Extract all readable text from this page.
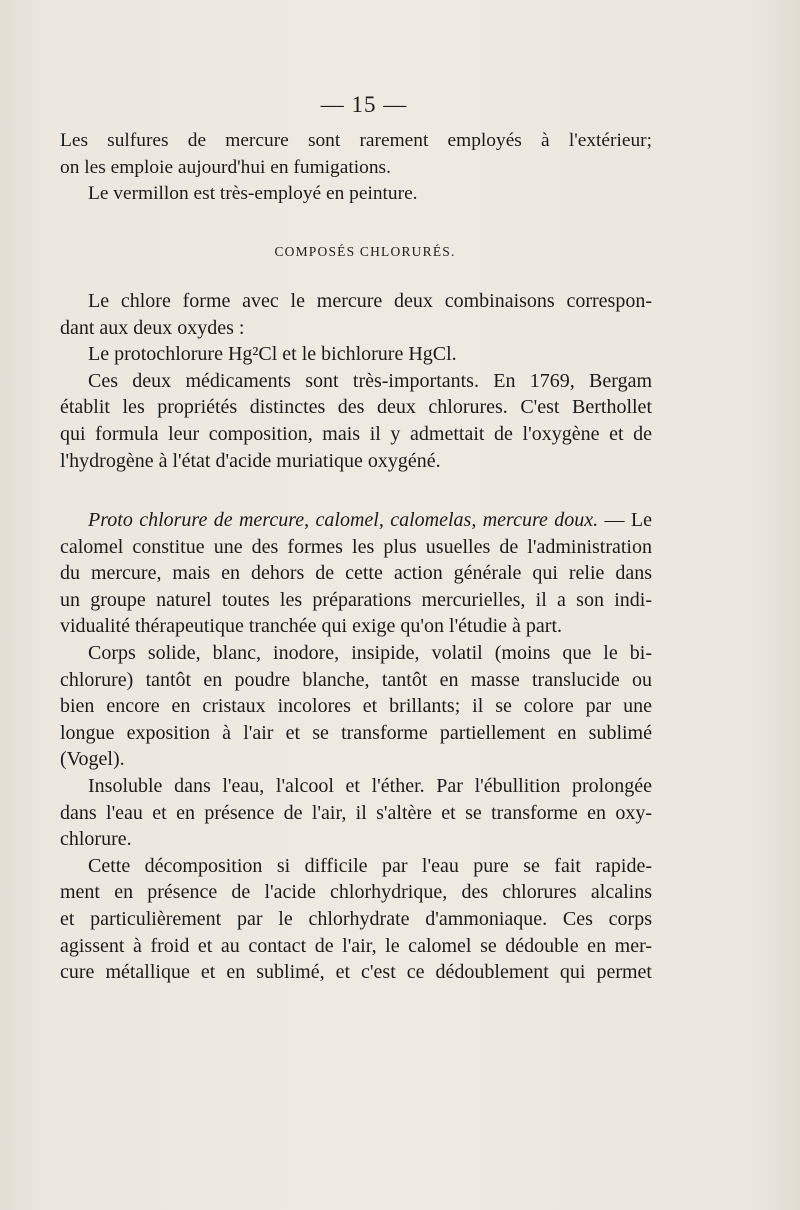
— 15 —
Les sulfures de mercure sont rarement employés à l'extérieur;
on les emploie aujourd'hui en fumigations.
Le vermillon est très-employé en peinture.
COMPOSÉS CHLORURÉS.
Le chlore forme avec le mercure deux combinaisons correspon-
dant aux deux oxydes :
Le protochlorure Hg²Cl et le bichlorure HgCl.
Ces deux médicaments sont très-importants. En 1769, Bergam
établit les propriétés distinctes des deux chlorures. C'est Berthollet
qui formula leur composition, mais il y admettait de l'oxygène et de
l'hydrogène à l'état d'acide muriatique oxygéné.
Proto chlorure de mercure, calomel, calomelas, mercure doux. — Le
calomel constitue une des formes les plus usuelles de l'administration
du mercure, mais en dehors de cette action générale qui relie dans
un groupe naturel toutes les préparations mercurielles, il a son indi-
vidualité thérapeutique tranchée qui exige qu'on l'étudie à part.
Corps solide, blanc, inodore, insipide, volatil (moins que le bi-
chlorure) tantôt en poudre blanche, tantôt en masse translucide ou
bien encore en cristaux incolores et brillants; il se colore par une
longue exposition à l'air et se transforme partiellement en sublimé
(Vogel).
Insoluble dans l'eau, l'alcool et l'éther. Par l'ébullition prolongée
dans l'eau et en présence de l'air, il s'altère et se transforme en oxy-
chlorure.
Cette décomposition si difficile par l'eau pure se fait rapide-
ment en présence de l'acide chlorhydrique, des chlorures alcalins
et particulièrement par le chlorhydrate d'ammoniaque. Ces corps
agissent à froid et au contact de l'air, le calomel se dédouble en mer-
cure métallique et en sublimé, et c'est ce dédoublement qui permet
